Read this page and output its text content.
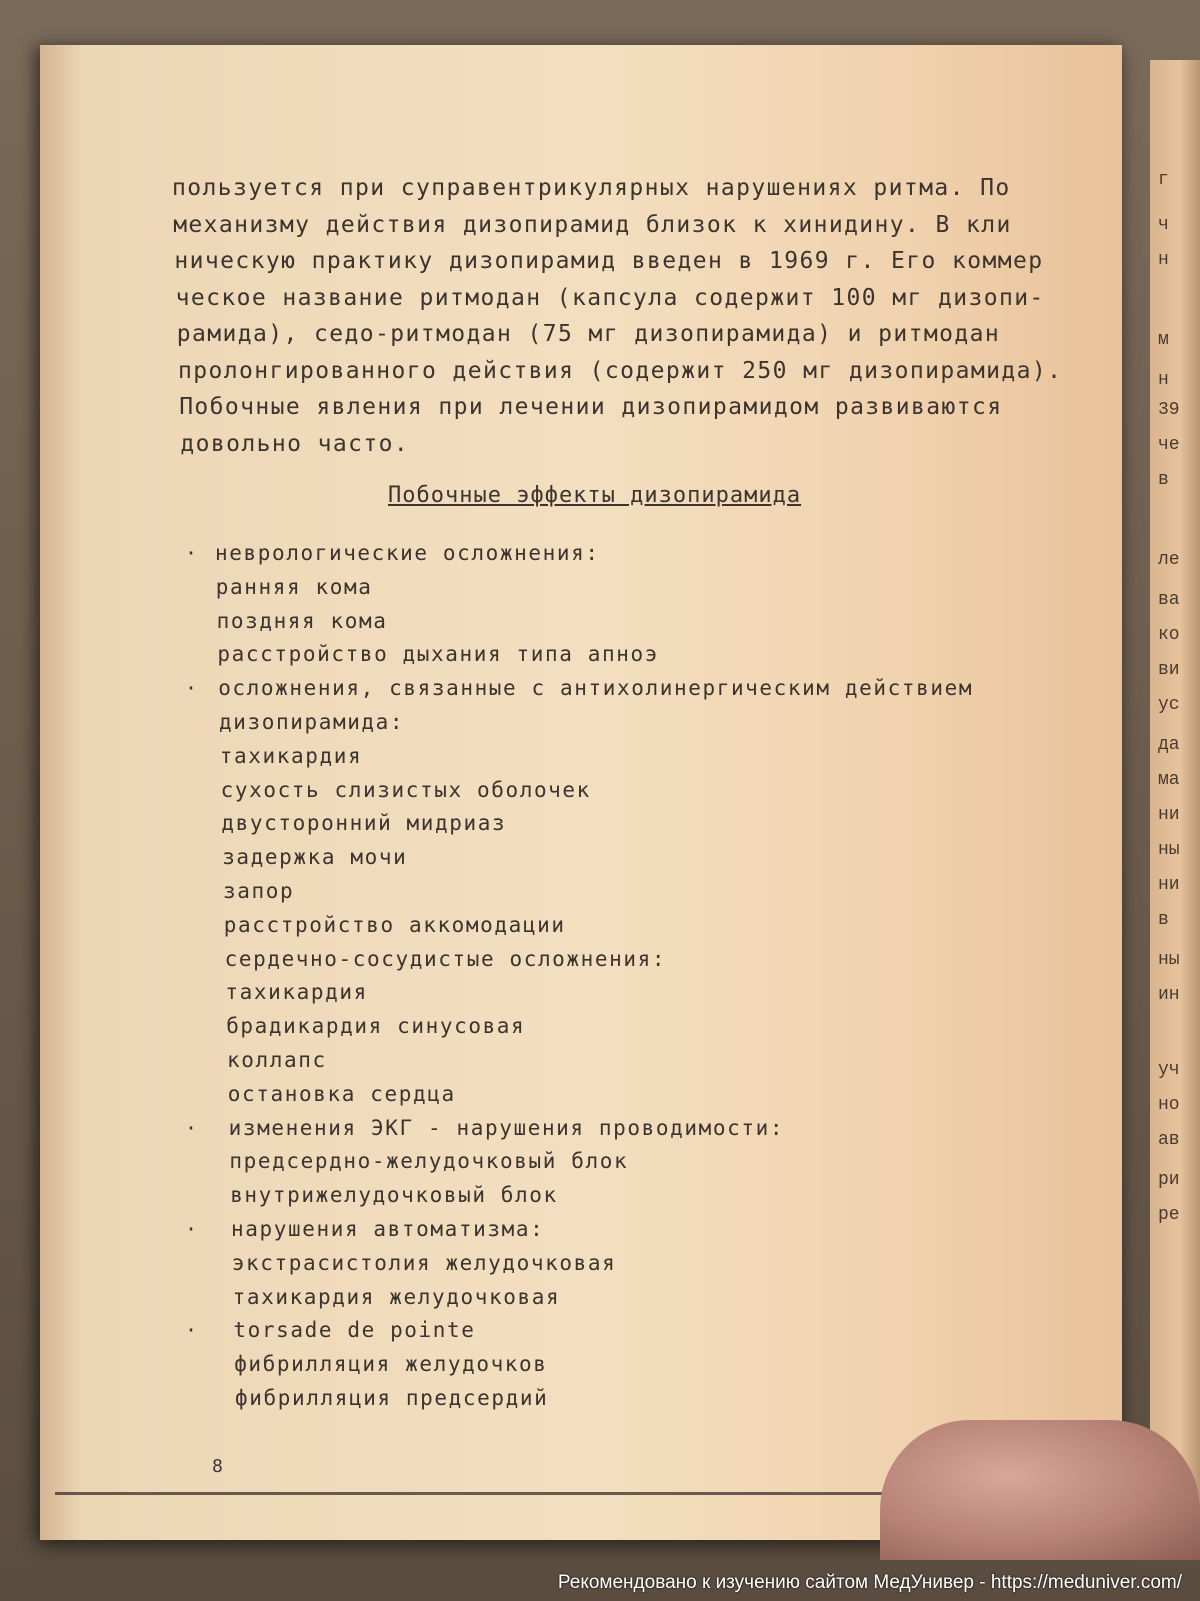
г
ч
н
м
н
39
че
в
ле
ва
ко
ви
ус
да
ма
ни
ны
ни
в
ны
ин
уч
но
ав
ри
ре
пользуется при суправентрикулярных нарушениях ритма. По
механизму действия дизопирамид близок к хинидину. В кли
ническую практику дизопирамид введен в 1969 г. Его коммер
ческое название ритмодан (капсула содержит 100 мг дизопи-
рамида), седо-ритмодан (75 мг дизопирамида) и ритмодан
пролонгированного действия (содержит 250 мг дизопирамида).
Побочные явления при лечении дизопирамидом развиваются
довольно часто.
Побочные эффекты дизопирамида
· неврологические осложнения:
ранняя кома
поздняя кома
расстройство дыхания типа апноэ
· осложнения, связанные с антихолинергическим действием
дизопирамида:
тахикардия
сухость слизистых оболочек
двусторонний мидриаз
задержка мочи
запор
расстройство аккомодации
сердечно-сосудистые осложнения:
тахикардия
брадикардия синусовая
коллапс
остановка сердца
· изменения ЭКГ - нарушения проводимости:
предсердно-желудочковый блок
внутрижелудочковый блок
· нарушения автоматизма:
экстрасистолия желудочковая
тахикардия желудочковая
· torsade de pointe
фибрилляция желудочков
фибрилляция предсердий
8
Рекомендовано к изучению сайтом МедУнивер - https://meduniver.com/
